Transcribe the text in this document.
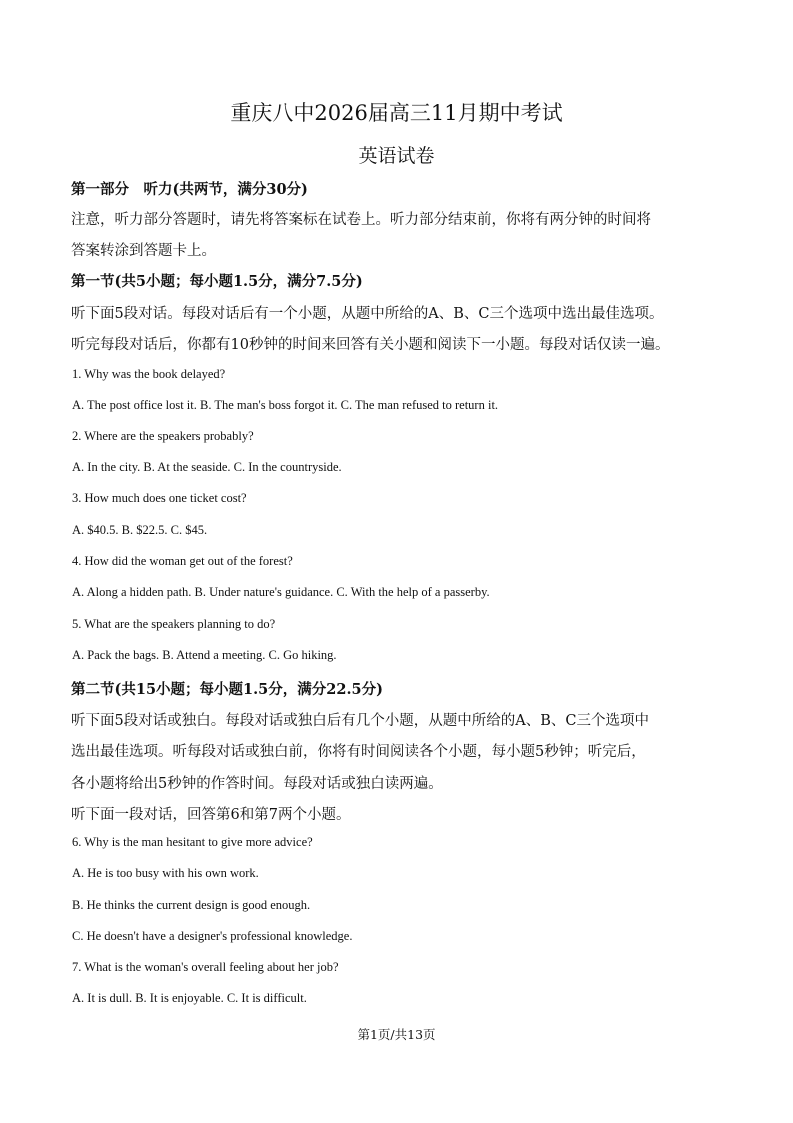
重庆八中2026届高三11月期中考试
英语试卷
第一部分　听力(共两节，满分30分)
注意，听力部分答题时，请先将答案标在试卷上。听力部分结束前，你将有两分钟的时间将
答案转涂到答题卡上。
第一节(共5小题；每小题1.5分，满分7.5分)
听下面5段对话。每段对话后有一个小题，从题中所给的A、B、C三个选项中选出最佳选项。
听完每段对话后，你都有10秒钟的时间来回答有关小题和阅读下一小题。每段对话仅读一遍。
1. Why was the book delayed?
A. The post office lost it. B. The man's boss forgot it. C. The man refused to return it.
2. Where are the speakers probably?
A. In the city. B. At the seaside. C. In the countryside.
3. How much does one ticket cost?
A. $40.5. B. $22.5. C. $45.
4. How did the woman get out of the forest?
A. Along a hidden path. B. Under nature's guidance. C. With the help of a passerby.
5. What are the speakers planning to do?
A. Pack the bags. B. Attend a meeting. C. Go hiking.
第二节(共15小题；每小题1.5分，满分22.5分)
听下面5段对话或独白。每段对话或独白后有几个小题，从题中所给的A、B、C三个选项中
选出最佳选项。听每段对话或独白前，你将有时间阅读各个小题，每小题5秒钟；听完后，
各小题将给出5秒钟的作答时间。每段对话或独白读两遍。
听下面一段对话，回答第6和第7两个小题。
6. Why is the man hesitant to give more advice?
A. He is too busy with his own work.
B. He thinks the current design is good enough.
C. He doesn't have a designer's professional knowledge.
7. What is the woman's overall feeling about her job?
A. It is dull. B. It is enjoyable. C. It is difficult.
第1页/共13页
